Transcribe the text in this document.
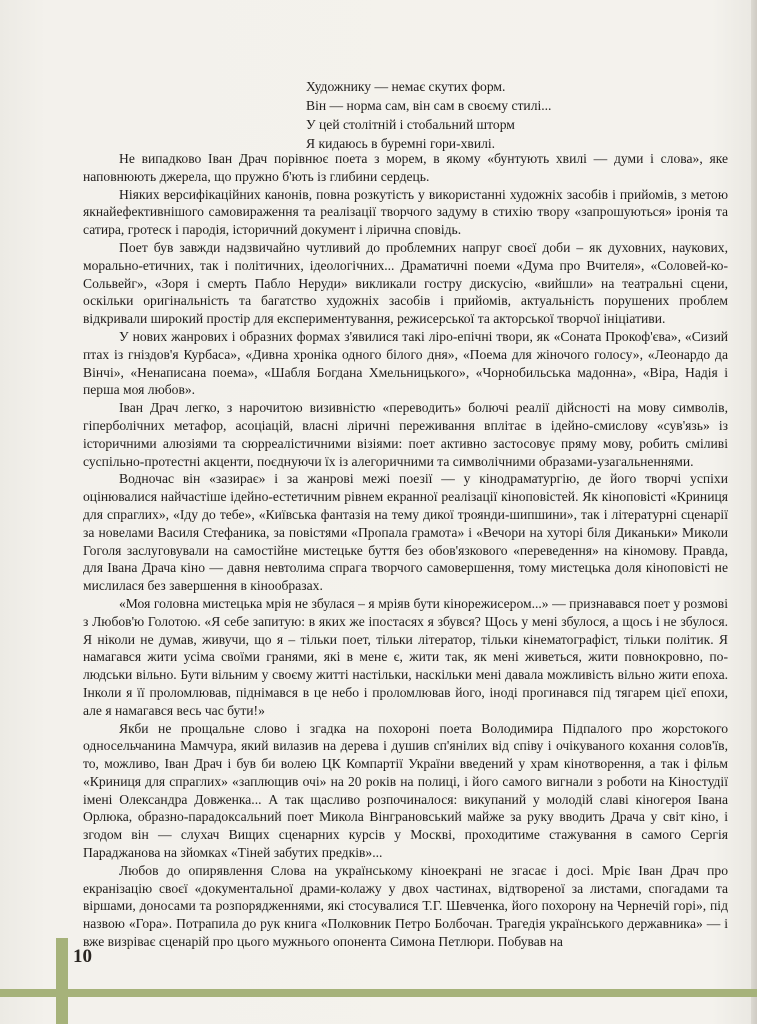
Художнику — немає скутих форм.
Він — норма сам, він сам в своєму стилі...
У цей столітній і стобальний шторм
Я кидаюсь в буремні гори-хвилі.

Не випадково Іван Драч порівнює поета з морем, в якому «бунтують хвилі — думи і слова», яке наповнюють джерела, що пружно б'ють із глибини сердець.

Ніяких версифікаційних канонів, повна розкутість у використанні художніх засобів і прийомів, з метою якнайефективнішого самовираження та реалізації творчого задуму в стихію твору «запрошуються» іронія та сатира, гротеск і пародія, історичний документ і лірична сповідь.

Поет був завжди надзвичайно чутливий до проблемних напруг своєї доби – як духовних, наукових, морально-етичних, так і політичних, ідеологічних... Драматичні поеми «Дума про Вчителя», «Соловей-ко-Сольвейг», «Зоря і смерть Пабло Неруди» викликали гостру дискусію, «вийшли» на театральні сцени, оскільки оригінальність та багатство художніх засобів і прийомів, актуальність порушених проблем відкривали широкий простір для експериментування, режисерської та акторської творчої ініціативи.

У нових жанрових і образних формах з'явилися такі ліро-епічні твори, як «Соната Прокоф'єва», «Сизий птах із гніздов'я Курбаса», «Дивна хроніка одного білого дня», «Поема для жіночого голосу», «Леонардо да Вінчі», «Ненаписана поема», «Шабля Богдана Хмельницького», «Чорнобильська мадонна», «Віра, Надія і перша моя любов».

Іван Драч легко, з нарочитою визивністю «переводить» болючі реалії дійсності на мову символів, гіперболічних метафор, асоціацій, власні ліричні переживання вплітає в ідейно-смислову «сув'язь» із історичними алюзіями та сюрреалістичними візіями: поет активно застосовує пряму мову, робить сміливі суспільно-протестні акценти, поєднуючи їх із алегоричними та символічними образами-узагальненнями.

Водночас він «зазирає» і за жанрові межі поезії — у кінодраматургію, де його творчі успіхи оцінювалися найчастіше ідейно-естетичним рівнем екранної реалізації кіноповістей. Як кіноповісті «Криниця для спраглих», «Іду до тебе», «Київська фантазія на тему дикої троянди-шипшини», так і літературні сценарії за новелами Василя Стефаника, за повістями «Пропала грамота» і «Вечори на хуторі біля Диканьки» Миколи Гоголя заслуговували на самостійне мистецьке буття без обов'язкового «переведення» на кіномову. Правда, для Івана Драча кіно — давня невтолима спрага творчого самовершення, тому мистецька доля кіноповісті не мислилася без завершення в кінообразах.

«Моя головна мистецька мрія не збулася – я мріяв бути кінорежисером...» — признавався поет у розмові з Любов'ю Голотою. «Я себе запитую: в яких же іпостасях я збувся? Щось у мені збулося, а щось і не збулося. Я ніколи не думав, живучи, що я – тільки поет, тільки літератор, тільки кінематографіст, тільки політик. Я намагався жити усіма своїми гранями, які в мене є, жити так, як мені живеться, жити повнокровно, по-людськи вільно. Бути вільним у своєму житті настільки, наскільки мені давала можливість вільно жити епоха. Інколи я її проломлював, піднімався в це небо і проломлював його, іноді прогинався під тягарем цієї епохи, але я намагався весь час бути!»

Якби не прощальне слово і згадка на похороні поета Володимира Підпалого про жорстокого односельчанина Мамчура, який вилазив на дерева і душив сп'янілих від співу і очікуваного кохання солов'їв, то, можливо, Іван Драч і був би волею ЦК Компартії України введений у храм кінотворення, а так і фільм «Криниця для спраглих» «заплющив очі» на 20 років на полиці, і його самого вигнали з роботи на Кіностудії імені Олександра Довженка... А так щасливо розпочиналося: викупаний у молодій славі кіногероя Івана Орлюка, образно-парадоксальний поет Микола Вінграновський майже за руку вводить Драча у світ кіно, і згодом він — слухач Вищих сценарних курсів у Москві, проходитиме стажування в самого Сергія Параджанова на зйомках «Тіней забутих предків»...

Любов до опирявлення Слова на українському кіноекрані не згасає і досі. Мріє Іван Драч про екранізацію своєї «документальної драми-колажу у двох частинах, відтвореної за листами, спогадами та віршами, доносами та розпорядженнями, які стосувалися Т.Г. Шевченка, його похорону на Чернечій горі», під назвою «Гора». Потрапила до рук книга «Полковник Петро Болбочан. Трагедія українського державника» — і вже визріває сценарій про цього мужнього опонента Симона Петлюри. Побував на

10
